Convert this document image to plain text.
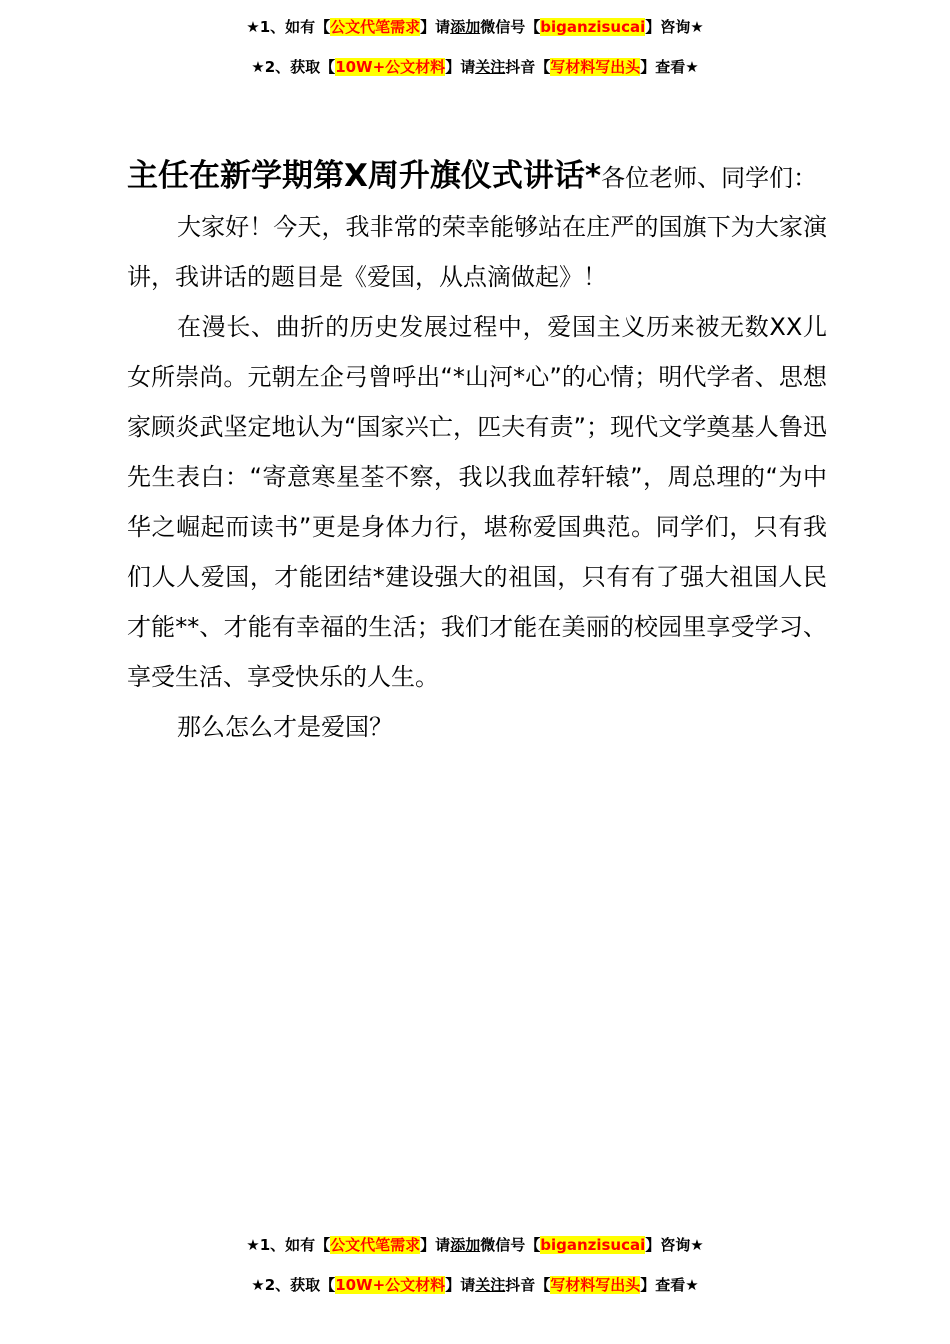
★1、如有【公文代笔需求】请添加微信号【biganzisucai】咨询★
★2、获取【10W+公文材料】请关注抖音【写材料写出头】查看★

主任在新学期第X周升旗仪式讲话*各位老师、同学们：

大家好！今天，我非常的荣幸能够站在庄严的国旗下为大家演讲，我讲话的题目是《爱国，从点滴做起》！

在漫长、曲折的历史发展过程中，爱国主义历来被无数XX儿女所崇尚。元朝左企弓曾呼出“*山河*心”的心情；明代学者、思想家顾炎武坚定地认为“国家兴亡，匹夫有责”；现代文学奠基人鲁迅先生表白：“寄意寒星荃不察，我以我血荐轩辕”，周总理的“为中华之崛起而读书”更是身体力行，堪称爱国典范。同学们，只有我们人人爱国，才能团结*建设强大的祖国，只有有了强大祖国人民才能**、才能有幸福的生活；我们才能在美丽的校园里享受学习、享受生活、享受快乐的人生。

那么怎么才是爱国？

★1、如有【公文代笔需求】请添加微信号【biganzisucai】咨询★
★2、获取【10W+公文材料】请关注抖音【写材料写出头】查看★
